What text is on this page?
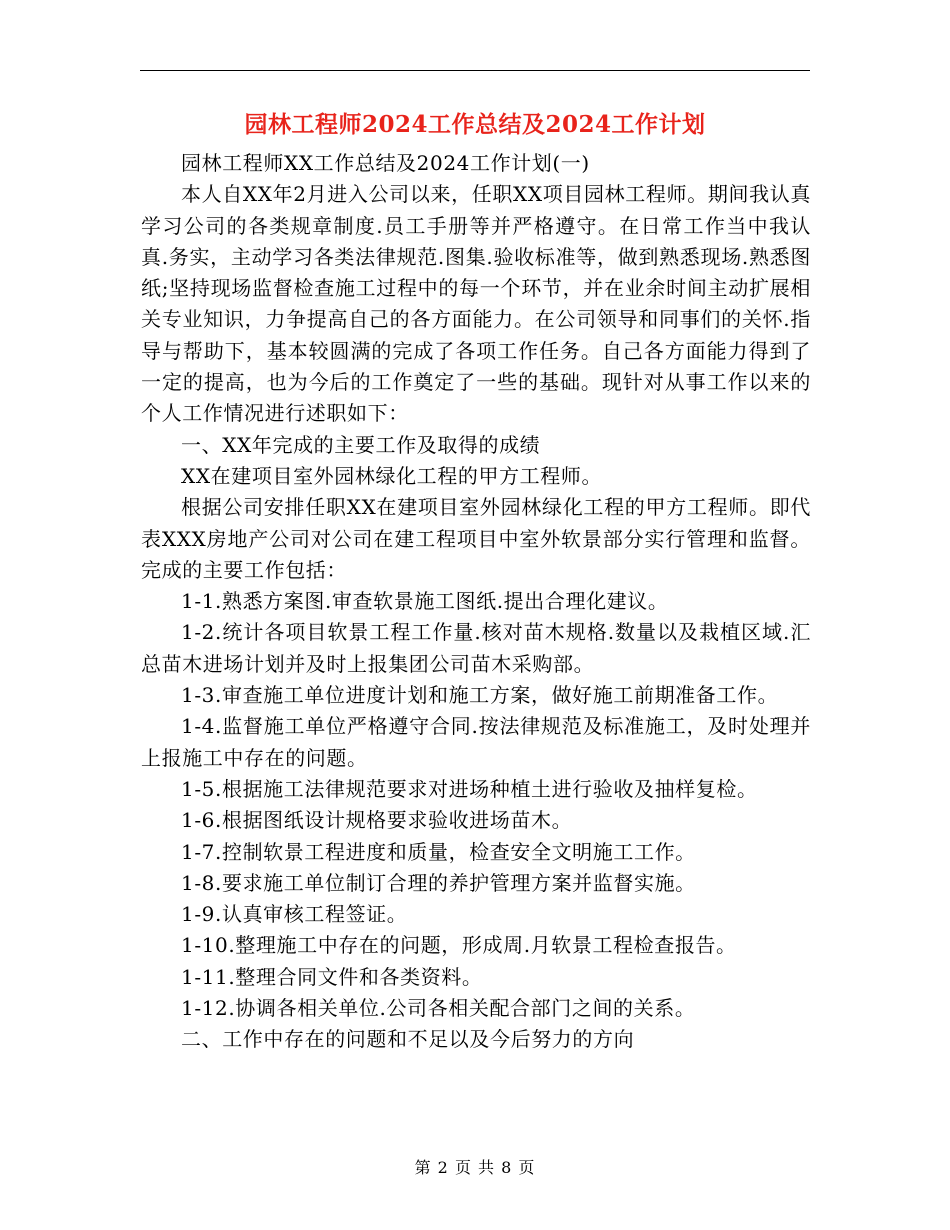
园林工程师2024工作总结及2024工作计划

园林工程师XX工作总结及2024工作计划(一)

本人自XX年2月进入公司以来，任职XX项目园林工程师。期间我认真学习公司的各类规章制度.员工手册等并严格遵守。在日常工作当中我认真.务实，主动学习各类法律规范.图集.验收标准等，做到熟悉现场.熟悉图纸;坚持现场监督检查施工过程中的每一个环节，并在业余时间主动扩展相关专业知识，力争提高自己的各方面能力。在公司领导和同事们的关怀.指导与帮助下，基本较圆满的完成了各项工作任务。自己各方面能力得到了一定的提高，也为今后的工作奠定了一些的基础。现针对从事工作以来的个人工作情况进行述职如下：

一、XX年完成的主要工作及取得的成绩

XX在建项目室外园林绿化工程的甲方工程师。

根据公司安排任职XX在建项目室外园林绿化工程的甲方工程师。即代表XXX房地产公司对公司在建工程项目中室外软景部分实行管理和监督。 完成的主要工作包括：

1-1.熟悉方案图.审查软景施工图纸.提出合理化建议。

1-2.统计各项目软景工程工作量.核对苗木规格.数量以及栽植区域.汇总苗木进场计划并及时上报集团公司苗木采购部。

1-3.审查施工单位进度计划和施工方案，做好施工前期准备工作。

1-4.监督施工单位严格遵守合同.按法律规范及标准施工，及时处理并上报施工中存在的问题。

1-5.根据施工法律规范要求对进场种植土进行验收及抽样复检。

1-6.根据图纸设计规格要求验收进场苗木。

1-7.控制软景工程进度和质量，检查安全文明施工工作。

1-8.要求施工单位制订合理的养护管理方案并监督实施。

1-9.认真审核工程签证。

1-10.整理施工中存在的问题，形成周.月软景工程检查报告。

1-11.整理合同文件和各类资料。

1-12.协调各相关单位.公司各相关配合部门之间的关系。

二、工作中存在的问题和不足以及今后努力的方向

第 2 页 共 8 页
